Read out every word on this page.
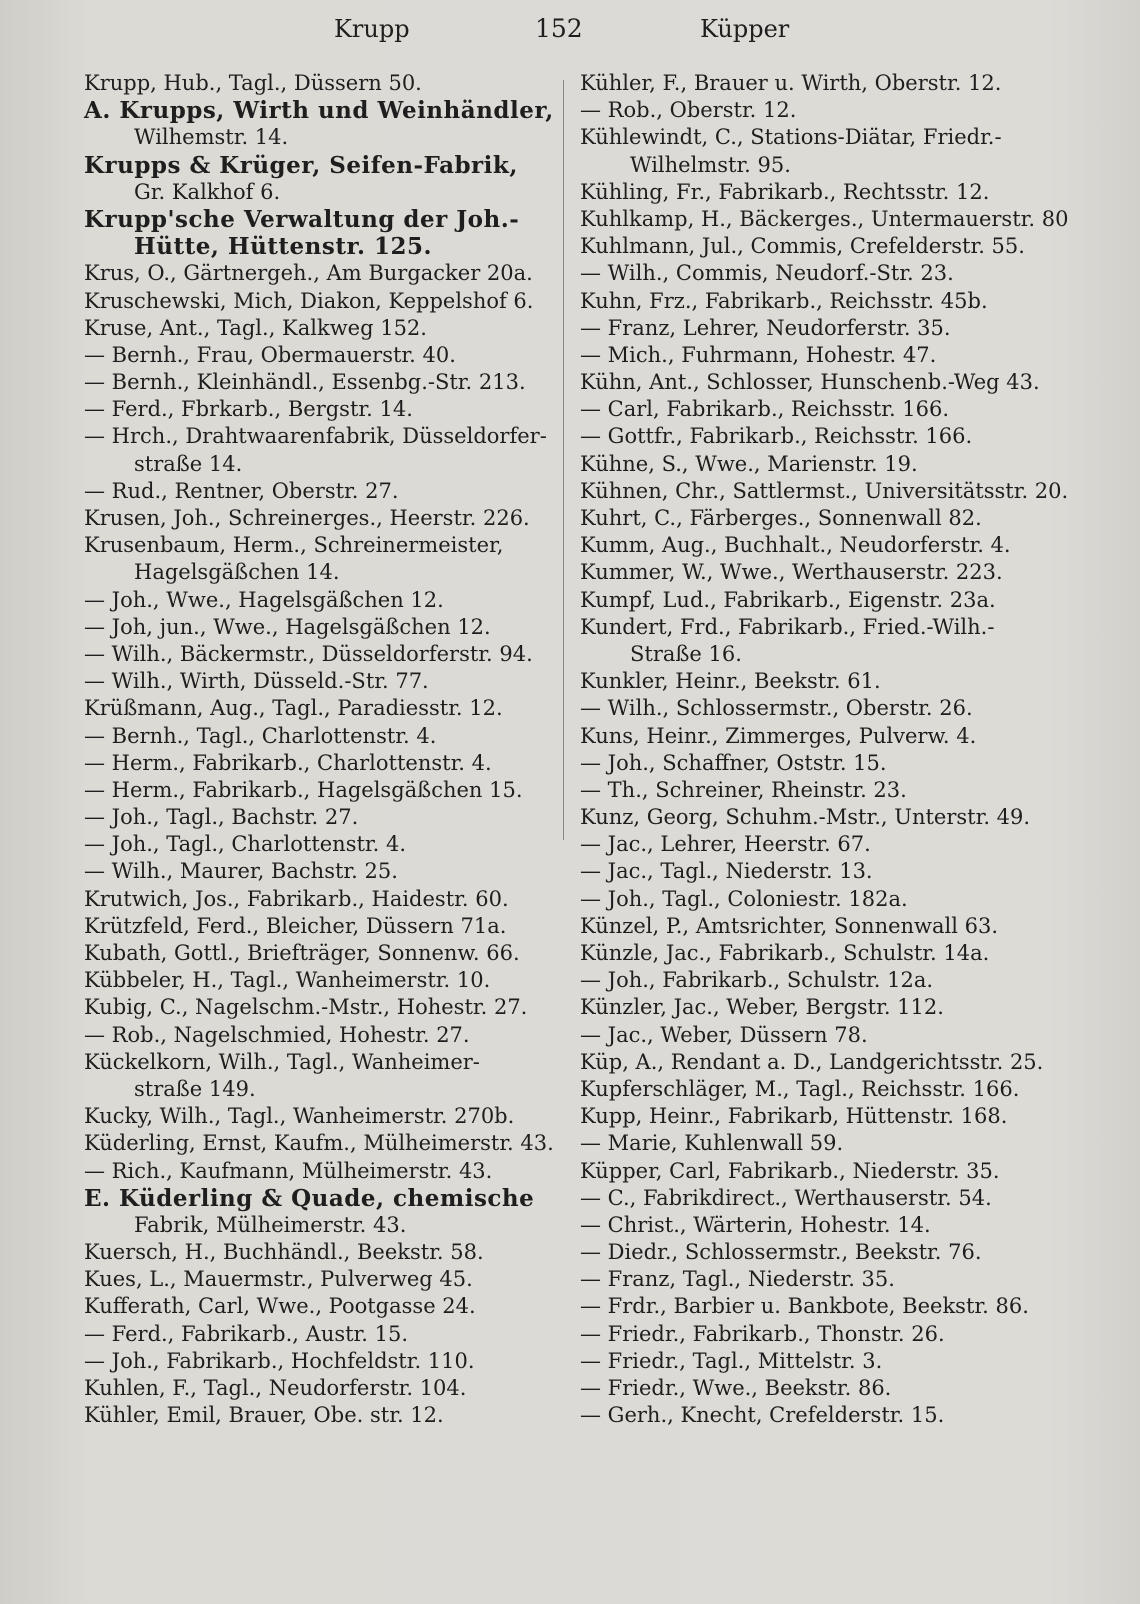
Krupp	152	Küpper
Krupp, Hub., Tagl., Düssern 50.
A. Krupps, Wirth und Weinhändler,
Wilhemstr. 14.
Krupps & Krüger, Seifen-Fabrik,
Gr. Kalkhof 6.
Krupp'sche Verwaltung der Joh.-
Hütte, Hüttenstr. 125.
Krus, O., Gärtnergeh., Am Burgacker 20a.
Kruschewski, Mich, Diakon, Keppelshof 6.
Kruse, Ant., Tagl., Kalkweg 152.
— Bernh., Frau, Obermauerstr. 40.
— Bernh., Kleinhändl., Essenbg.-Str. 213.
— Ferd., Fbrkarb., Bergstr. 14.
— Hrch., Drahtwaarenfabrik, Düsseldorfer-
straße 14.
— Rud., Rentner, Oberstr. 27.
Krusen, Joh., Schreinerges., Heerstr. 226.
Krusenbaum, Herm., Schreinermeister,
Hagelsgäßchen 14.
— Joh., Wwe., Hagelsgäßchen 12.
— Joh, jun., Wwe., Hagelsgäßchen 12.
— Wilh., Bäckermstr., Düsseldorferstr. 94.
— Wilh., Wirth, Düsseld.-Str. 77.
Krüßmann, Aug., Tagl., Paradiesstr. 12.
— Bernh., Tagl., Charlottenstr. 4.
— Herm., Fabrikarb., Charlottenstr. 4.
— Herm., Fabrikarb., Hagelsgäßchen 15.
— Joh., Tagl., Bachstr. 27.
— Joh., Tagl., Charlottenstr. 4.
— Wilh., Maurer, Bachstr. 25.
Krutwich, Jos., Fabrikarb., Haidestr. 60.
Krützfeld, Ferd., Bleicher, Düssern 71a.
Kubath, Gottl., Briefträger, Sonnenw. 66.
Kübbeler, H., Tagl., Wanheimerstr. 10.
Kubig, C., Nagelschm.-Mstr., Hohestr. 27.
— Rob., Nagelschmied, Hohestr. 27.
Kückelkorn, Wilh., Tagl., Wanheimer-
straße 149.
Kucky, Wilh., Tagl., Wanheimerstr. 270b.
Küderling, Ernst, Kaufm., Mülheimerstr. 43.
— Rich., Kaufmann, Mülheimerstr. 43.
E. Küderling & Quade, chemische
Fabrik, Mülheimerstr. 43.
Kuersch, H., Buchhändl., Beekstr. 58.
Kues, L., Mauermstr., Pulverweg 45.
Kufferath, Carl, Wwe., Pootgasse 24.
— Ferd., Fabrikarb., Austr. 15.
— Joh., Fabrikarb., Hochfeldstr. 110.
Kuhlen, F., Tagl., Neudorferstr. 104.
Kühler, Emil, Brauer, Obe. str. 12.
Kühler, F., Brauer u. Wirth, Oberstr. 12.
— Rob., Oberstr. 12.
Kühlewindt, C., Stations-Diätar, Friedr.-
Wilhelmstr. 95.
Kühling, Fr., Fabrikarb., Rechtsstr. 12.
Kuhlkamp, H., Bäckerges., Untermauerstr. 80
Kuhlmann, Jul., Commis, Crefelderstr. 55.
— Wilh., Commis, Neudorf.-Str. 23.
Kuhn, Frz., Fabrikarb., Reichsstr. 45b.
— Franz, Lehrer, Neudorferstr. 35.
— Mich., Fuhrmann, Hohestr. 47.
Kühn, Ant., Schlosser, Hunschenb.-Weg 43.
— Carl, Fabrikarb., Reichsstr. 166.
— Gottfr., Fabrikarb., Reichsstr. 166.
Kühne, S., Wwe., Marienstr. 19.
Kühnen, Chr., Sattlermst., Universitätsstr. 20.
Kuhrt, C., Färberges., Sonnenwall 82.
Kumm, Aug., Buchhalt., Neudorferstr. 4.
Kummer, W., Wwe., Werthauserstr. 223.
Kumpf, Lud., Fabrikarb., Eigenstr. 23a.
Kundert, Frd., Fabrikarb., Fried.-Wilh.-
Straße 16.
Kunkler, Heinr., Beekstr. 61.
— Wilh., Schlossermstr., Oberstr. 26.
Kuns, Heinr., Zimmerges, Pulverw. 4.
— Joh., Schaffner, Oststr. 15.
— Th., Schreiner, Rheinstr. 23.
Kunz, Georg, Schuhm.-Mstr., Unterstr. 49.
— Jac., Lehrer, Heerstr. 67.
— Jac., Tagl., Niederstr. 13.
— Joh., Tagl., Coloniestr. 182a.
Künzel, P., Amtsrichter, Sonnenwall 63.
Künzle, Jac., Fabrikarb., Schulstr. 14a.
— Joh., Fabrikarb., Schulstr. 12a.
Künzler, Jac., Weber, Bergstr. 112.
— Jac., Weber, Düssern 78.
Küp, A., Rendant a. D., Landgerichtsstr. 25.
Kupferschläger, M., Tagl., Reichsstr. 166.
Kupp, Heinr., Fabrikarb, Hüttenstr. 168.
— Marie, Kuhlenwall 59.
Küpper, Carl, Fabrikarb., Niederstr. 35.
— C., Fabrikdirect., Werthauserstr. 54.
— Christ., Wärterin, Hohestr. 14.
— Diedr., Schlossermstr., Beekstr. 76.
— Franz, Tagl., Niederstr. 35.
— Frdr., Barbier u. Bankbote, Beekstr. 86.
— Friedr., Fabrikarb., Thonstr. 26.
— Friedr., Tagl., Mittelstr. 3.
— Friedr., Wwe., Beekstr. 86.
— Gerh., Knecht, Crefelderstr. 15.
